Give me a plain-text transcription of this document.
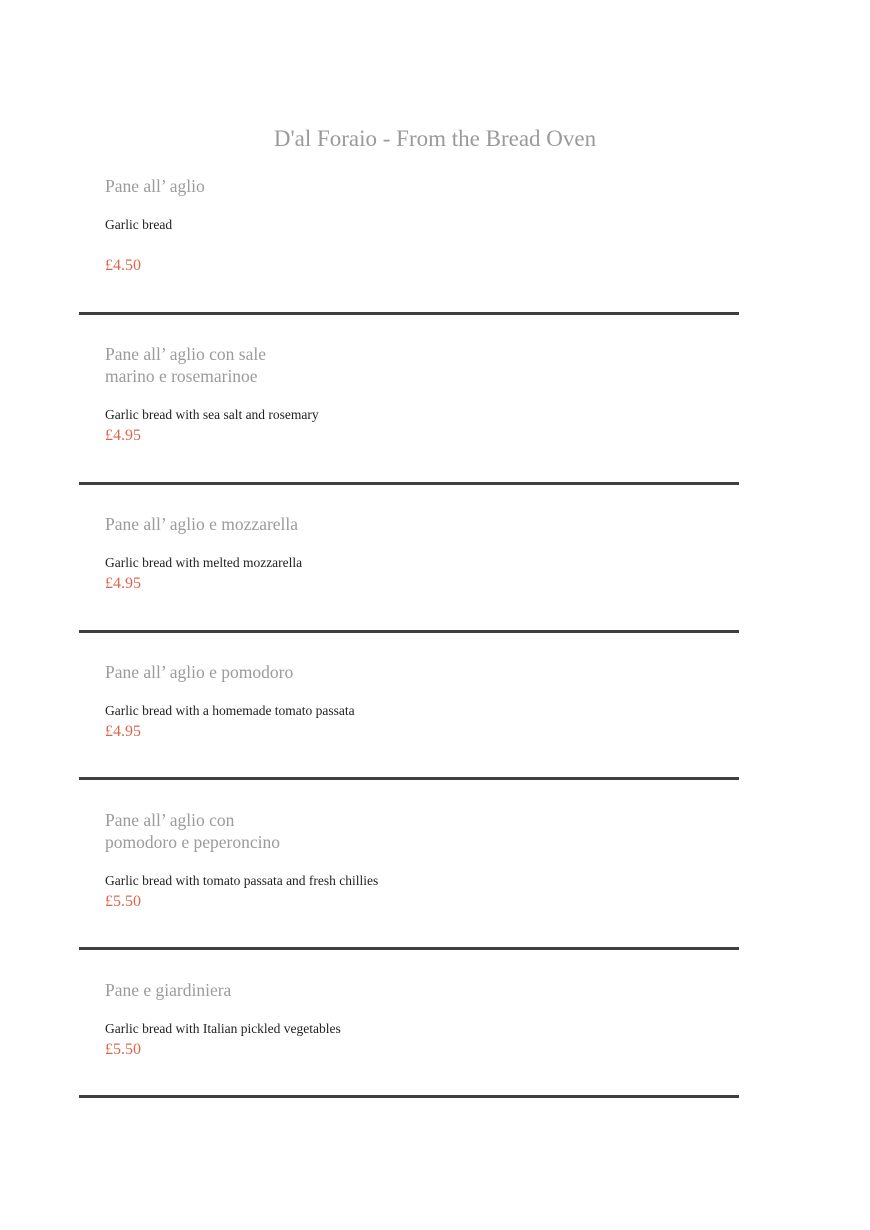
D'al Foraio - From the Bread Oven
Pane all’ aglio

Garlic bread

£4.50

Pane all’ aglio con sale
marino e rosemarinoe

Garlic bread with sea salt and rosemary

£4.95

Pane all’ aglio e mozzarella

Garlic bread with melted mozzarella

£4.95

Pane all’ aglio e pomodoro

Garlic bread with a homemade tomato passata

£4.95

Pane all’ aglio con
pomodoro e peperoncino

Garlic bread with tomato passata and fresh chillies

£5.50

Pane e giardiniera

Garlic bread with Italian pickled vegetables

£5.50
